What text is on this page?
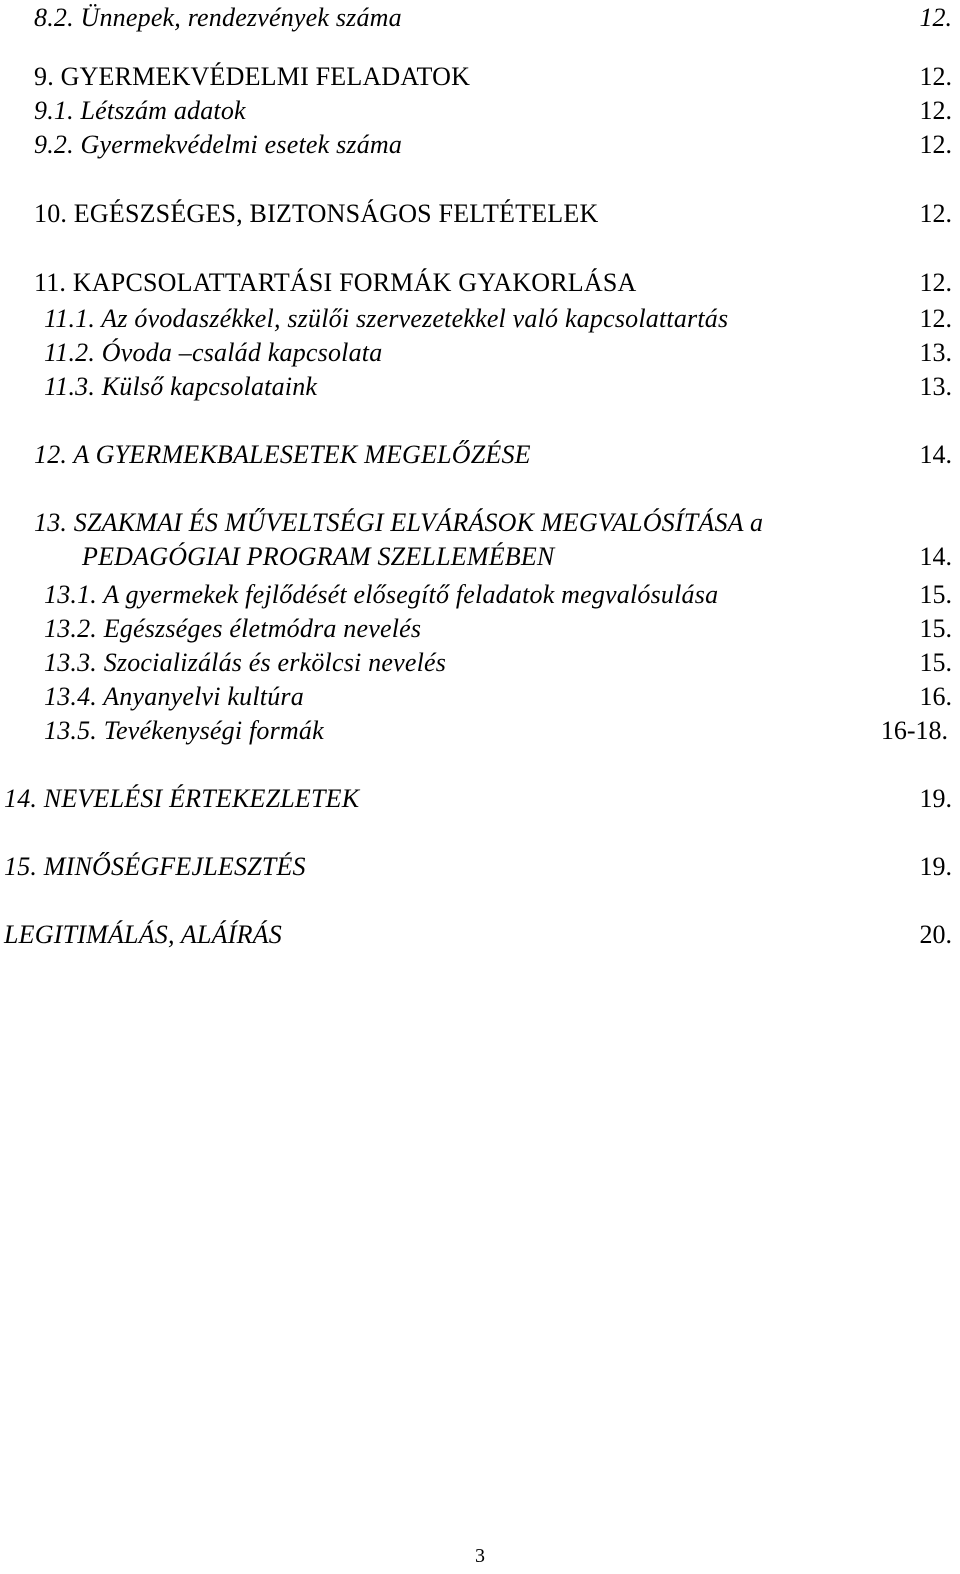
8.2. Ünnepek, rendezvények száma	12.
9. GYERMEKVÉDELMI FELADATOK	12.
9.1. Létszám adatok	12.
9.2. Gyermekvédelmi esetek száma	12.
10. EGÉSZSÉGES, BIZTONSÁGOS FELTÉTELEK	12.
11. KAPCSOLATTARTÁSI FORMÁK GYAKORLÁSA	12.
11.1. Az óvodaszékkel, szülői szervezetekkel való kapcsolattartás	12.
11.2. Óvoda –család kapcsolata	13.
11.3. Külső kapcsolataink	13.
12. A GYERMEKBALESETEK MEGELŐZÉSE	14.
13. SZAKMAI ÉS MŰVELTSÉGI ELVÁRÁSOK MEGVALÓSÍTÁSA a
PEDAGÓGIAI PROGRAM SZELLEMÉBEN	14.
13.1. A gyermekek fejlődését elősegítő feladatok megvalósulása	15.
13.2. Egészséges életmódra nevelés	15.
13.3. Szocializálás és erkölcsi nevelés	15.
13.4. Anyanyelvi kultúra	16.
13.5. Tevékenységi formák	16-18.
14. NEVELÉSI ÉRTEKEZLETEK	19.
15. MINŐSÉGFEJLESZTÉS	19.
LEGITIMÁLÁS, ALÁÍRÁS	20.
3
